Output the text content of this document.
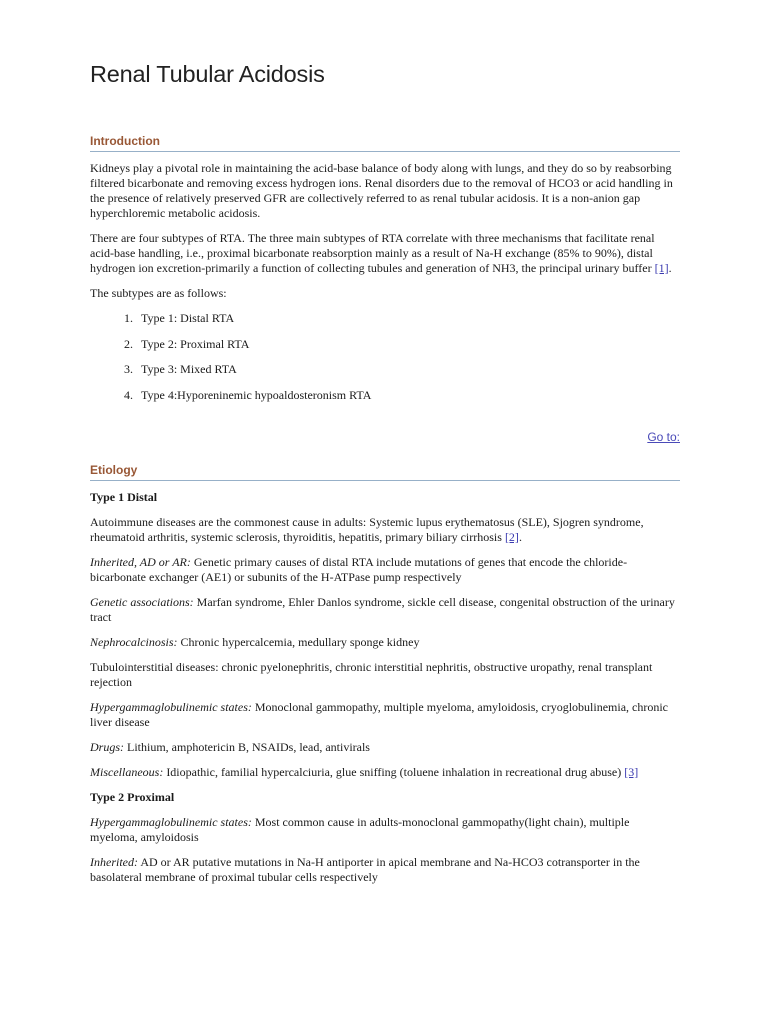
Renal Tubular Acidosis
Introduction

Kidneys play a pivotal role in maintaining the acid-base balance of body along with lungs, and they do so by reabsorbing filtered bicarbonate and removing excess hydrogen ions. Renal disorders due to the removal of HCO3 or acid handling in the presence of relatively preserved GFR are collectively referred to as renal tubular acidosis. It is a non-anion gap hyperchloremic metabolic acidosis.

There are four subtypes of RTA. The three main subtypes of RTA correlate with three mechanisms that facilitate renal acid-base handling, i.e., proximal bicarbonate reabsorption mainly as a result of Na-H exchange (85% to 90%), distal hydrogen ion excretion-primarily a function of collecting tubules and generation of NH3, the principal urinary buffer [1].

The subtypes are as follows:

1. Type 1: Distal RTA
2. Type 2: Proximal RTA
3. Type 3: Mixed RTA
4. Type 4:Hyporeninemic hypoaldosteronism RTA
Go to:
Etiology
Type 1 Distal

Autoimmune diseases are the commonest cause in adults: Systemic lupus erythematosus (SLE), Sjogren syndrome, rheumatoid arthritis, systemic sclerosis, thyroiditis, hepatitis, primary biliary cirrhosis [2].

Inherited, AD or AR: Genetic primary causes of distal RTA include mutations of genes that encode the chloride-bicarbonate exchanger (AE1) or subunits of the H-ATPase pump respectively

Genetic associations: Marfan syndrome, Ehler Danlos syndrome, sickle cell disease, congenital obstruction of the urinary tract

Nephrocalcinosis: Chronic hypercalcemia, medullary sponge kidney

Tubulointerstitial diseases: chronic pyelonephritis, chronic interstitial nephritis, obstructive uropathy, renal transplant rejection

Hypergammaglobulinemic states: Monoclonal gammopathy, multiple myeloma, amyloidosis, cryoglobulinemia, chronic liver disease

Drugs: Lithium, amphotericin B, NSAIDs, lead, antivirals

Miscellaneous: Idiopathic, familial hypercalciuria, glue sniffing (toluene inhalation in recreational drug abuse) [3]

Type 2 Proximal

Hypergammaglobulinemic states: Most common cause in adults-monoclonal gammopathy(light chain), multiple myeloma, amyloidosis

Inherited: AD or AR putative mutations in Na-H antiporter in apical membrane and Na-HCO3 cotransporter in the basolateral membrane of proximal tubular cells respectively
